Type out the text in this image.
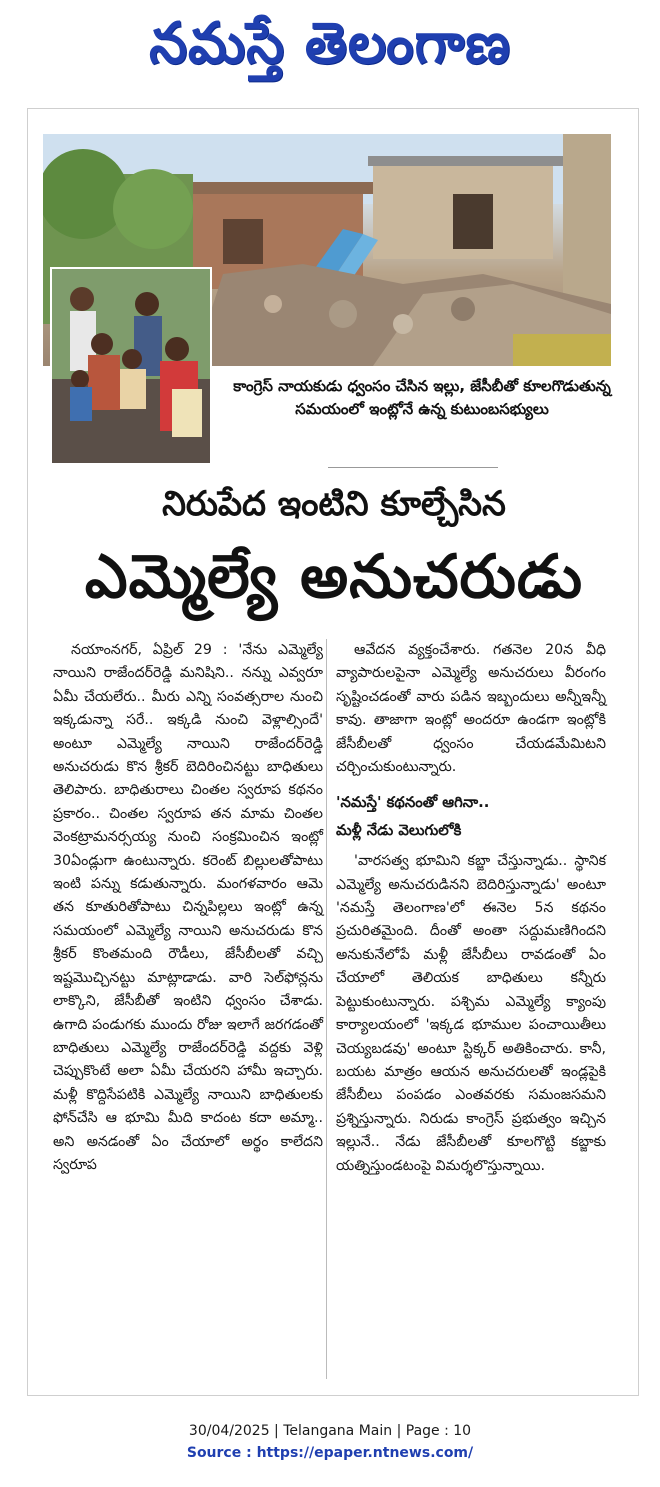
నమస్తే తెలంగాణ
కాంగ్రెస్ నాయకుడు ధ్వంసం చేసిన ఇల్లు, జేసీబీతో కూలగొడుతున్న సమయంలో ఇంట్లోనే ఉన్న కుటుంబసభ్యులు
నిరుపేద ఇంటిని కూల్చేసిన
ఎమ్మెల్యే అనుచరుడు

నయాంనగర్, ఏప్రిల్ 29 : 'నేను ఎమ్మెల్యే నాయిని రాజేందర్‌రెడ్డి మనిషిని.. నన్ను ఎవ్వరూ ఏమీ చేయలేరు.. మీరు ఎన్ని సంవత్సరాల నుంచి ఇక్కడున్నా సరే.. ఇక్కడి నుంచి వెళ్లాల్సిందే' అంటూ ఎమ్మెల్యే నాయిని రాజేందర్‌రెడ్డి అనుచరుడు కొన శ్రీకర్ బెదిరించినట్టు బాధితులు తెలిపారు. బాధితురాలు చింతల స్వరూప కథనం ప్రకారం.. చింతల స్వరూప తన మామ చింతల వెంకట్రామనర్సయ్య నుంచి సంక్రమించిన ఇంట్లో 30ఏండ్లుగా ఉంటున్నారు. కరెంట్ బిల్లులతోపాటు ఇంటి పన్ను కడుతున్నారు. మంగళవారం ఆమె తన కూతురితోపాటు చిన్నపిల్లలు ఇంట్లో ఉన్న సమయంలో ఎమ్మెల్యే నాయిని అనుచరుడు కొన శ్రీకర్ కొంతమంది రౌడీలు, జేసీబీలతో వచ్చి ఇష్టమొచ్చినట్టు మాట్లాడాడు. వారి సెల్‌ఫోన్లను లాక్కొని, జేసీబీతో ఇంటిని ధ్వంసం చేశాడు. ఉగాది పండుగకు ముందు రోజు ఇలాగే జరగడంతో బాధితులు ఎమ్మెల్యే రాజేందర్‌రెడ్డి వద్దకు వెళ్లి చెప్పుకొంటే అలా ఏమీ చేయరని హామీ ఇచ్చారు. మళ్లీ కొద్దిసేపటికి ఎమ్మెల్యే నాయిని బాధితులకు ఫోన్‌చేసి ఆ భూమి మీది కాదంట కదా అమ్మా.. అని అనడంతో ఏం చేయాలో అర్థం కాలేదని స్వరూప

ఆవేదన వ్యక్తంచేశారు. గతనెల 20న వీధి వ్యాపారులపైనా ఎమ్మెల్యే అనుచరులు వీరంగం సృష్టించడంతో వారు పడిన ఇబ్బందులు అన్నీఇన్నీ కావు. తాజాగా ఇంట్లో అందరూ ఉండగా ఇంట్లోకి జేసీబీలతో ధ్వంసం చేయడమేమిటని చర్చించుకుంటున్నారు.

'నమస్తే' కథనంతో ఆగినా..

మళ్లీ నేడు వెలుగులోకి

'వారసత్వ భూమిని కబ్జా చేస్తున్నాడు.. స్థానిక ఎమ్మెల్యే అనుచరుడినని బెదిరిస్తున్నాడు' అంటూ 'నమస్తే తెలంగాణ'లో ఈనెల 5న కథనం ప్రచురితమైంది. దీంతో అంతా సద్దుమణిగిందని అనుకునేలోపే మళ్లీ జేసీబీలు రావడంతో ఏం చేయాలో తెలియక బాధితులు కన్నీరు పెట్టుకుంటున్నారు. పశ్చిమ ఎమ్మెల్యే క్యాంపు కార్యాలయంలో 'ఇక్కడ భూముల పంచాయితీలు చెయ్యబడవు' అంటూ స్టిక్కర్ అతికించారు. కానీ, బయట మాత్రం ఆయన అనుచరులతో ఇండ్లపైకి జేసీబీలు పంపడం ఎంతవరకు సమంజసమని ప్రశ్నిస్తున్నారు. నిరుడు కాంగ్రెస్ ప్రభుత్వం ఇచ్చిన ఇల్లునే.. నేడు జేసీబీలతో కూలగొట్టి కబ్జాకు యత్నిస్తుండటంపై విమర్శలొస్తున్నాయి.

30/04/2025 | Telangana Main | Page : 10
Source : https://epaper.ntnews.com/
